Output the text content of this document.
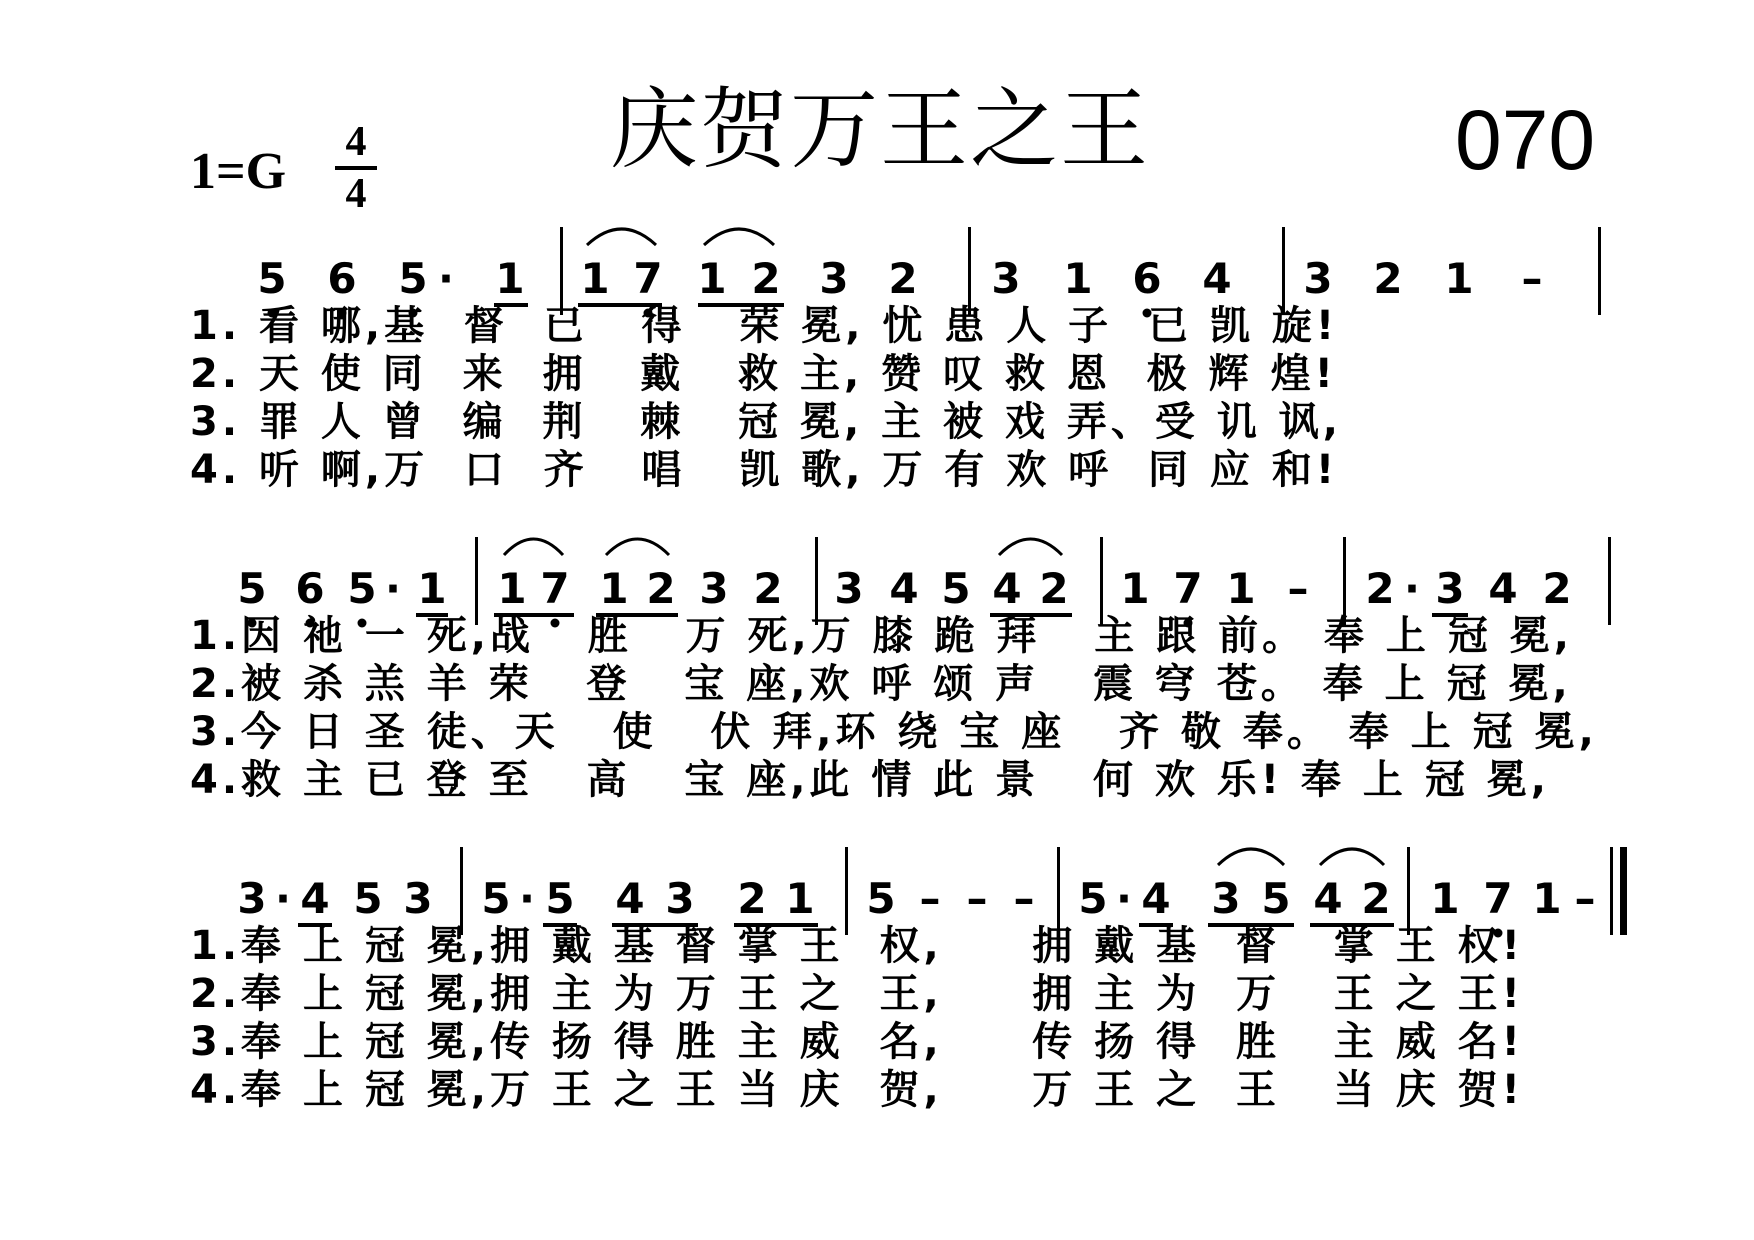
庆贺万王之王	070
1=G
4
4
5 6 5 · 1 1 7 1 2 3 2 3 1 6 4 3 2 1 –
5 6 5 · 1 1 7 1 2 3 2 3 4 5 4 2 1 7 1 – 2 · 3 4 2
3 · 4 5 3 5 · 5 4 3 2 1 5 – – – 5 · 4 3 5 4 2 1 7 1 –
1. 看 哪,基  督  已   得   荣 冕, 忧 患 人 子  已 凯 旋!
2. 天 使 同  来  拥   戴   救 主, 赞 叹 救 恩  极 辉 煌!
3. 罪 人 曾  编  荆   棘   冠 冕, 主 被 戏 弄、受 讥 讽,
4. 听 啊,万  口  齐   唱   凯 歌, 万 有 欢 呼  同 应 和!
1.因 祂 一 死,战   胜   万 死,万 膝 跪 拜   主 跟 前。 奉 上 冠 冕,
2.被 杀 羔 羊 荣   登   宝 座,欢 呼 颂 声   震 穹 苍。 奉 上 冠 冕,
3.今 日 圣 徒、天   使   伏 拜,环 绕 宝 座   齐 敬 奉。 奉 上 冠 冕,
4.救 主 已 登 至   高   宝 座,此 情 此 景   何 欢 乐! 奉 上 冠 冕,
1.奉 上 冠 冕,拥 戴 基 督 掌 王  权,     拥 戴 基  督   掌 王 权!
2.奉 上 冠 冕,拥 主 为 万 王 之  王,     拥 主 为  万   王 之 王!
3.奉 上 冠 冕,传 扬 得 胜 主 威  名,     传 扬 得  胜   主 威 名!
4.奉 上 冠 冕,万 王 之 王 当 庆  贺,     万 王 之  王   当 庆 贺!
